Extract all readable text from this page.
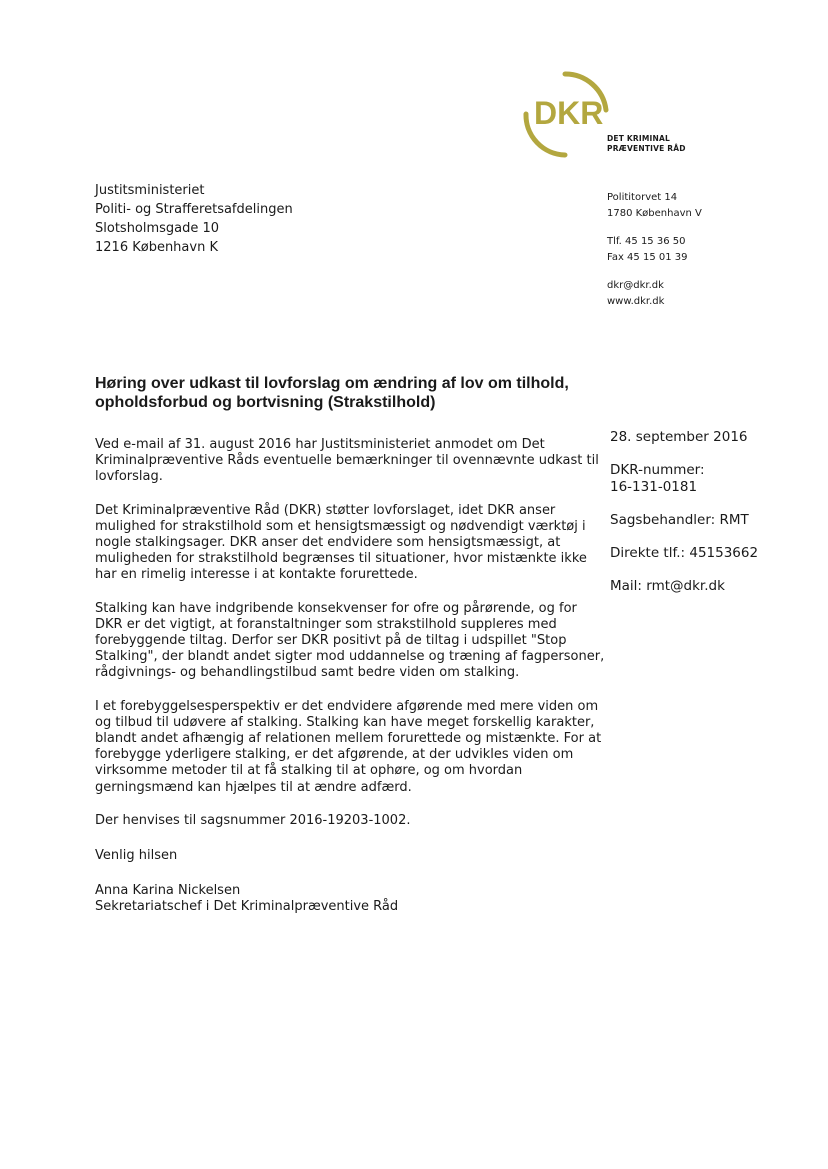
DKR
DET KRIMINAL
PRÆVENTIVE RÅD
Justitsministeriet
Politi- og Strafferetsafdelingen
Slotsholmsgade 10
1216 København K
Polititorvet 14
1780 København V
Tlf. 45 15 36 50
Fax 45 15 01 39
dkr@dkr.dk
www.dkr.dk
Høring over udkast til lovforslag om ændring af lov om tilhold, opholdsforbud og bortvisning (Strakstilhold)
28. september 2016
DKR-nummer:
16-131-0181
Sagsbehandler: RMT
Direkte tlf.: 45153662
Mail: rmt@dkr.dk

Ved e-mail af 31. august 2016 har Justitsministeriet anmodet om Det Kriminalpræventive Råds eventuelle bemærkninger til ovennævnte udkast til lovforslag.

Det Kriminalpræventive Råd (DKR) støtter lovforslaget, idet DKR anser mulighed for strakstilhold som et hensigtsmæssigt og nødvendigt værktøj i nogle stalkingsager. DKR anser det endvidere som hensigtsmæssigt, at muligheden for strakstilhold begrænses til situationer, hvor mistænkte ikke har en rimelig interesse i at kontakte forurettede.

Stalking kan have indgribende konsekvenser for ofre og pårørende, og for DKR er det vigtigt, at foranstaltninger som strakstilhold suppleres med forebyggende tiltag. Derfor ser DKR positivt på de tiltag i udspillet "Stop Stalking", der blandt andet sigter mod uddannelse og træning af fagpersoner, rådgivnings- og behandlingstilbud samt bedre viden om stalking.

I et forebyggelsesperspektiv er det endvidere afgørende med mere viden om og tilbud til udøvere af stalking. Stalking kan have meget forskellig karakter, blandt andet afhængig af relationen mellem forurettede og mistænkte. For at forebygge yderligere stalking, er det afgørende, at der udvikles viden om virksomme metoder til at få stalking til at ophøre, og om hvordan gerningsmænd kan hjælpes til at ændre adfærd.

Der henvises til sagsnummer 2016-19203-1002.

Venlig hilsen

Anna Karina Nickelsen
Sekretariatschef i Det Kriminalpræventive Råd
